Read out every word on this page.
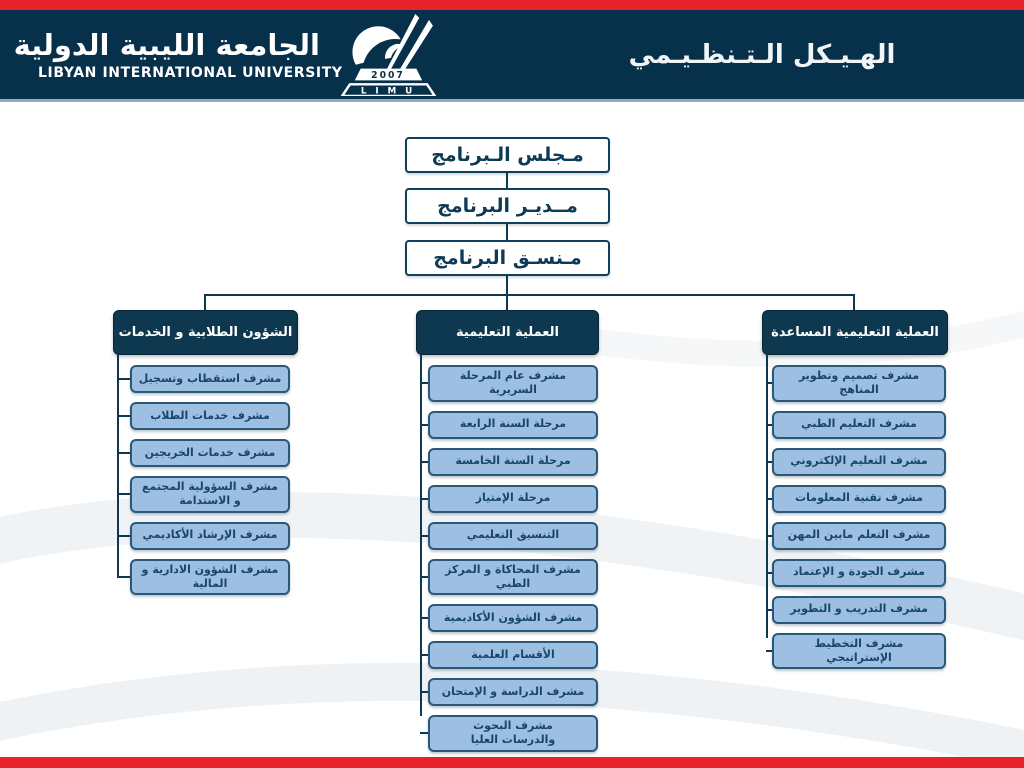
الجامعة الليبية الدولية
LIBYAN INTERNATIONAL UNIVERSITY	2007
L I M U
الهـيـكل الـتـنظـيـمي
مـجلس الـبرنامج
مــديـر البرنامج
مـنسـق البرنامج
الشؤون الطلابية و الخدمات
مشرف استقطاب وتسجيل
مشرف خدمات الطلاب
مشرف خدمات الخريجين
مشرف السؤولية المجتمع و الاستدامة
مشرف الإرشاد الأكاديمي
مشرف الشؤون الادارية و المالية
العملية التعليمية
مشرف عام المرحلة السريرية
مرحلة السنة الرابعة
مرحلة السنة الخامسة
مرحلة الإمتياز
التنسيق التعليمي
مشرف المحاكاة و المركز الطبي
مشرف الشؤون الأكاديمية
الأقسام العلمية
مشرف الدراسة و الإمتحان
مشرف البحوث والدرسات العليا
العملية التعليمية المساعدة
مشرف تصميم وتطوير المناهج
مشرف التعليم الطبي
مشرف التعليم الإلكتروني
مشرف تقنية المعلومات
مشرف التعلم مابين المهن
مشرف الجودة و الإعتماد
مشرف التدريب و التطوير
مشرف التخطيط الإستراتيجي
